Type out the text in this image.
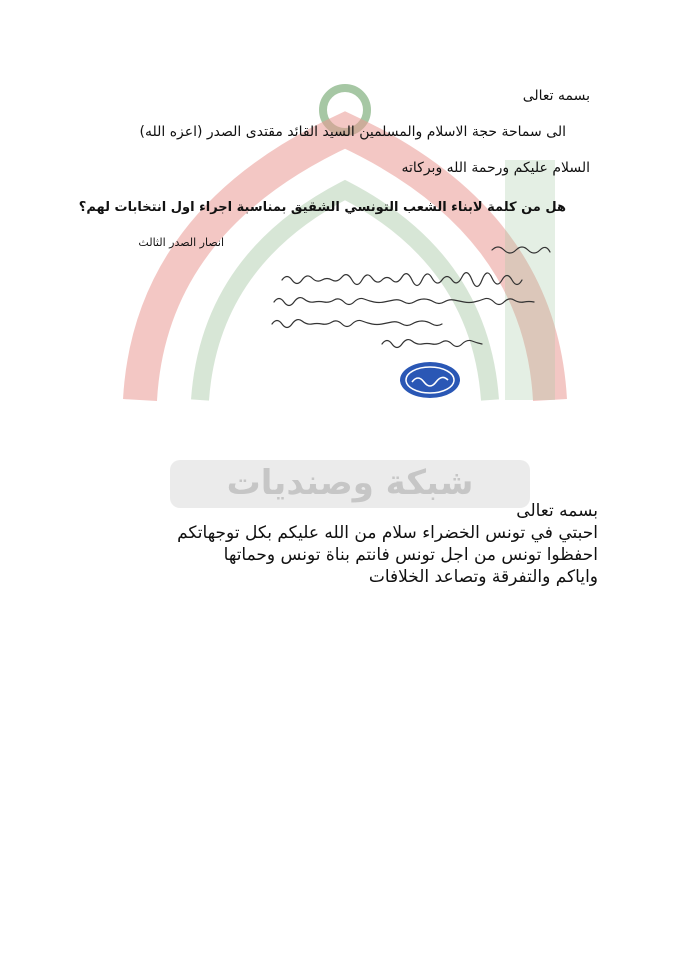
شبكة وصنديات
بسمه تعالى
الى سماحة حجة الاسلام والمسلمين السيد القائد مقتدى الصدر (اعزه الله)
السلام عليكم ورحمة الله وبركاته
هل من كلمة لابناء الشعب التونسي الشقيق بمناسبة اجراء اول انتخابات لهم؟
انصار الصدر الثالث
بسمه تعالى
احبتي في تونس الخضراء سلام من الله عليكم بكل توجهاتكم
احفظوا تونس من اجل تونس فانتم بناة تونس وحماتها
واياكم والتفرقة وتصاعد الخلافات
